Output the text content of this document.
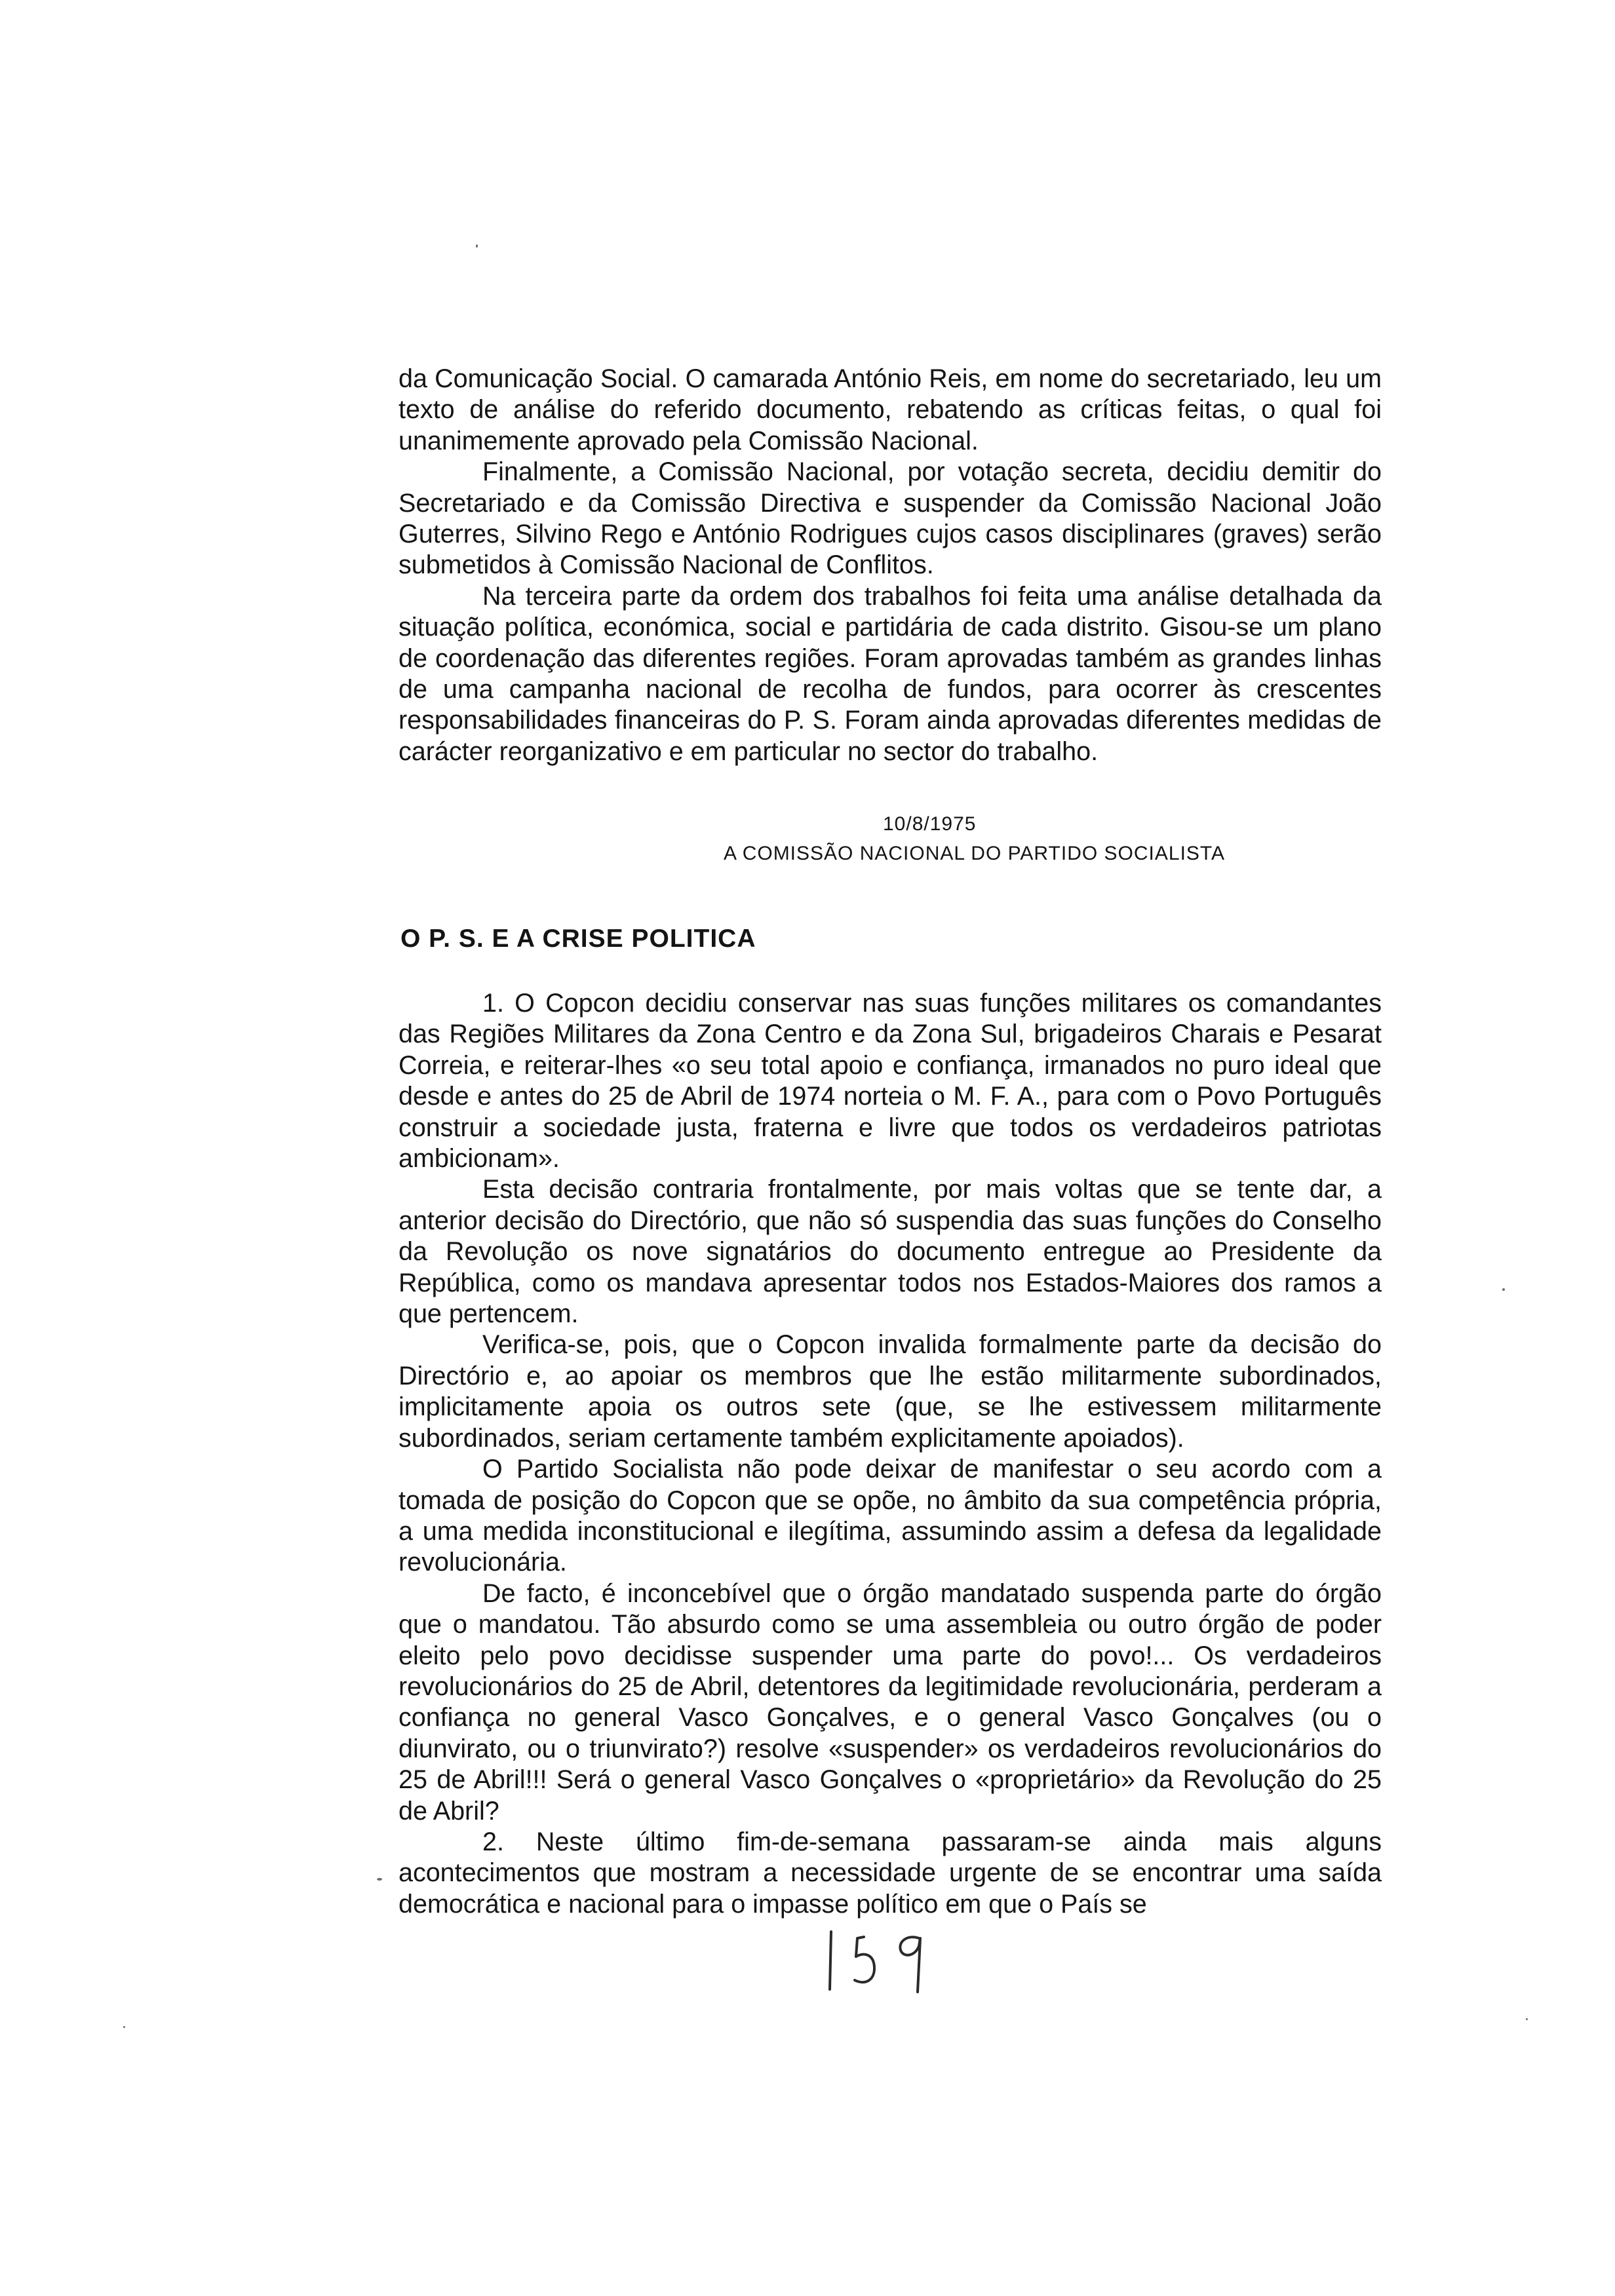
da Comunicação Social. O camarada António Reis, em nome do secretariado, leu um texto de análise do referido documento, rebatendo as críticas feitas, o qual foi unanimemente aprovado pela Comissão Nacional.

Finalmente, a Comissão Nacional, por votação secreta, decidiu demitir do Secretariado e da Comissão Directiva e suspender da Comissão Nacional João Guterres, Silvino Rego e António Rodrigues cujos casos disciplinares (graves) serão submetidos à Comissão Nacional de Conflitos.

Na terceira parte da ordem dos trabalhos foi feita uma análise detalhada da situação política, económica, social e partidária de cada distrito. Gisou-se um plano de coordenação das diferentes regiões. Foram aprovadas também as grandes linhas de uma campanha nacional de recolha de fundos, para ocorrer às crescentes responsabilidades financeiras do P. S. Foram ainda aprovadas diferentes medidas de carácter reorganizativo e em particular no sector do trabalho.

10/8/1975
A COMISSÃO NACIONAL DO PARTIDO SOCIALISTA
O P. S. E A CRISE POLITICA

1. O Copcon decidiu conservar nas suas funções militares os comandantes das Regiões Militares da Zona Centro e da Zona Sul, brigadeiros Charais e Pesarat Correia, e reiterar-lhes «o seu total apoio e confiança, irmanados no puro ideal que desde e antes do 25 de Abril de 1974 norteia o M. F. A., para com o Povo Português construir a sociedade justa, fraterna e livre que todos os verdadeiros patriotas ambicionam».

Esta decisão contraria frontalmente, por mais voltas que se tente dar, a anterior decisão do Directório, que não só suspendia das suas funções do Conselho da Revolução os nove signatários do documento entregue ao Presidente da República, como os mandava apresentar todos nos Estados-Maiores dos ramos a que pertencem.

Verifica-se, pois, que o Copcon invalida formalmente parte da decisão do Directório e, ao apoiar os membros que lhe estão militarmente subordinados, implicitamente apoia os outros sete (que, se lhe estivessem militarmente subordinados, seriam certamente também explicitamente apoiados).

O Partido Socialista não pode deixar de manifestar o seu acordo com a tomada de posição do Copcon que se opõe, no âmbito da sua competência própria, a uma medida inconstitucional e ilegítima, assumindo assim a defesa da legalidade revolucionária.

De facto, é inconcebível que o órgão mandatado suspenda parte do órgão que o mandatou. Tão absurdo como se uma assembleia ou outro órgão de poder eleito pelo povo decidisse suspender uma parte do povo!... Os verdadeiros revolucionários do 25 de Abril, detentores da legitimidade revolucionária, perderam a confiança no general Vasco Gonçalves, e o general Vasco Gonçalves (ou o diunvirato, ou o triunvirato?) resolve «suspender» os verdadeiros revolucionários do 25 de Abril!!! Será o general Vasco Gonçalves o «proprietário» da Revolução do 25 de Abril?

2. Neste último fim-de-semana passaram-se ainda mais alguns acontecimentos que mostram a necessidade urgente de se encontrar uma saída democrática e nacional para o impasse político em que o País se
